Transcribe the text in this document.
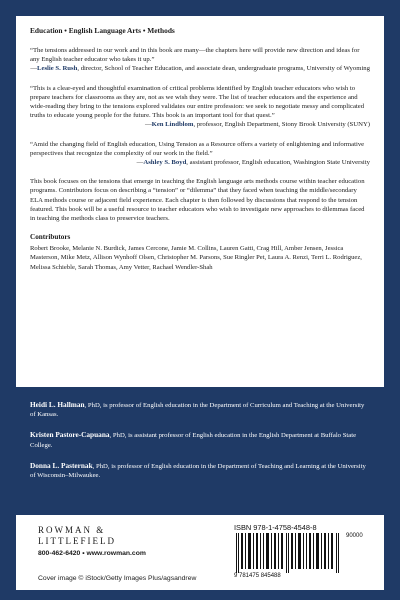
Education • English Language Arts • Methods

“The tensions addressed in our work and in this book are many—the chapters here will provide new direction and ideas for any English teacher educator who takes it up.”

—Leslie S. Rush, director, School of Teacher Education, and associate dean, undergraduate programs, University of Wyoming

“This is a clear-eyed and thoughtful examination of critical problems identified by English teacher educators who wish to prepare teachers for classrooms as they are, not as we wish they were. The list of teacher educators and the experience and wide-reading they bring to the tensions explored validates our entire profession: we seek to negotiate messy and complicated truths to educate young people for the future. This book is an important tool for that quest.”

—Ken Lindblom, professor, English Department, Stony Brook University (SUNY)

“Amid the changing field of English education, Using Tension as a Resource offers a variety of enlightening and informative perspectives that recognize the complexity of our work in the field.”

—Ashley S. Boyd, assistant professor, English education, Washington State University

This book focuses on the tensions that emerge in teaching the English language arts methods course within teacher education programs. Contributors focus on describing a “tension” or “dilemma” that they faced when teaching the middle/secondary ELA methods course or adjacent field experience. Each chapter is then followed by discussions that respond to the tension featured. This book will be a useful resource to teacher educators who wish to investigate new approaches to dilemmas faced in teaching the methods class to preservice teachers.

Contributors

Robert Brooke, Melanie N. Burdick, James Cercone, Jamie M. Collins, Lauren Gatti, Crag Hill, Amber Jensen, Jessica Masterson, Mike Metz, Allison Wynhoff Olsen, Christopher M. Parsons, Sue Ringler Pet, Laura A. Renzi, Terri L. Rodriguez, Melissa Schieble, Sarah Thomas, Amy Vetter, Rachael Wendler-Shah

Heidi L. Hallman, PhD, is professor of English education in the Department of Curriculum and Teaching at the University of Kansas.

Kristen Pastore-Capuana, PhD, is assistant professor of English education in the English Department at Buffalo State College.

Donna L. Pasternak, PhD, is professor of English education in the Department of Teaching and Learning at the University of Wisconsin–Milwaukee.

ROWMAN &
LITTLEFIELD
800-462-6420 • www.rowman.com
Cover image © iStock/Getty Images Plus/agsandrew
ISBN 978-1-4758-4548-8
90000
9 781475 845488
